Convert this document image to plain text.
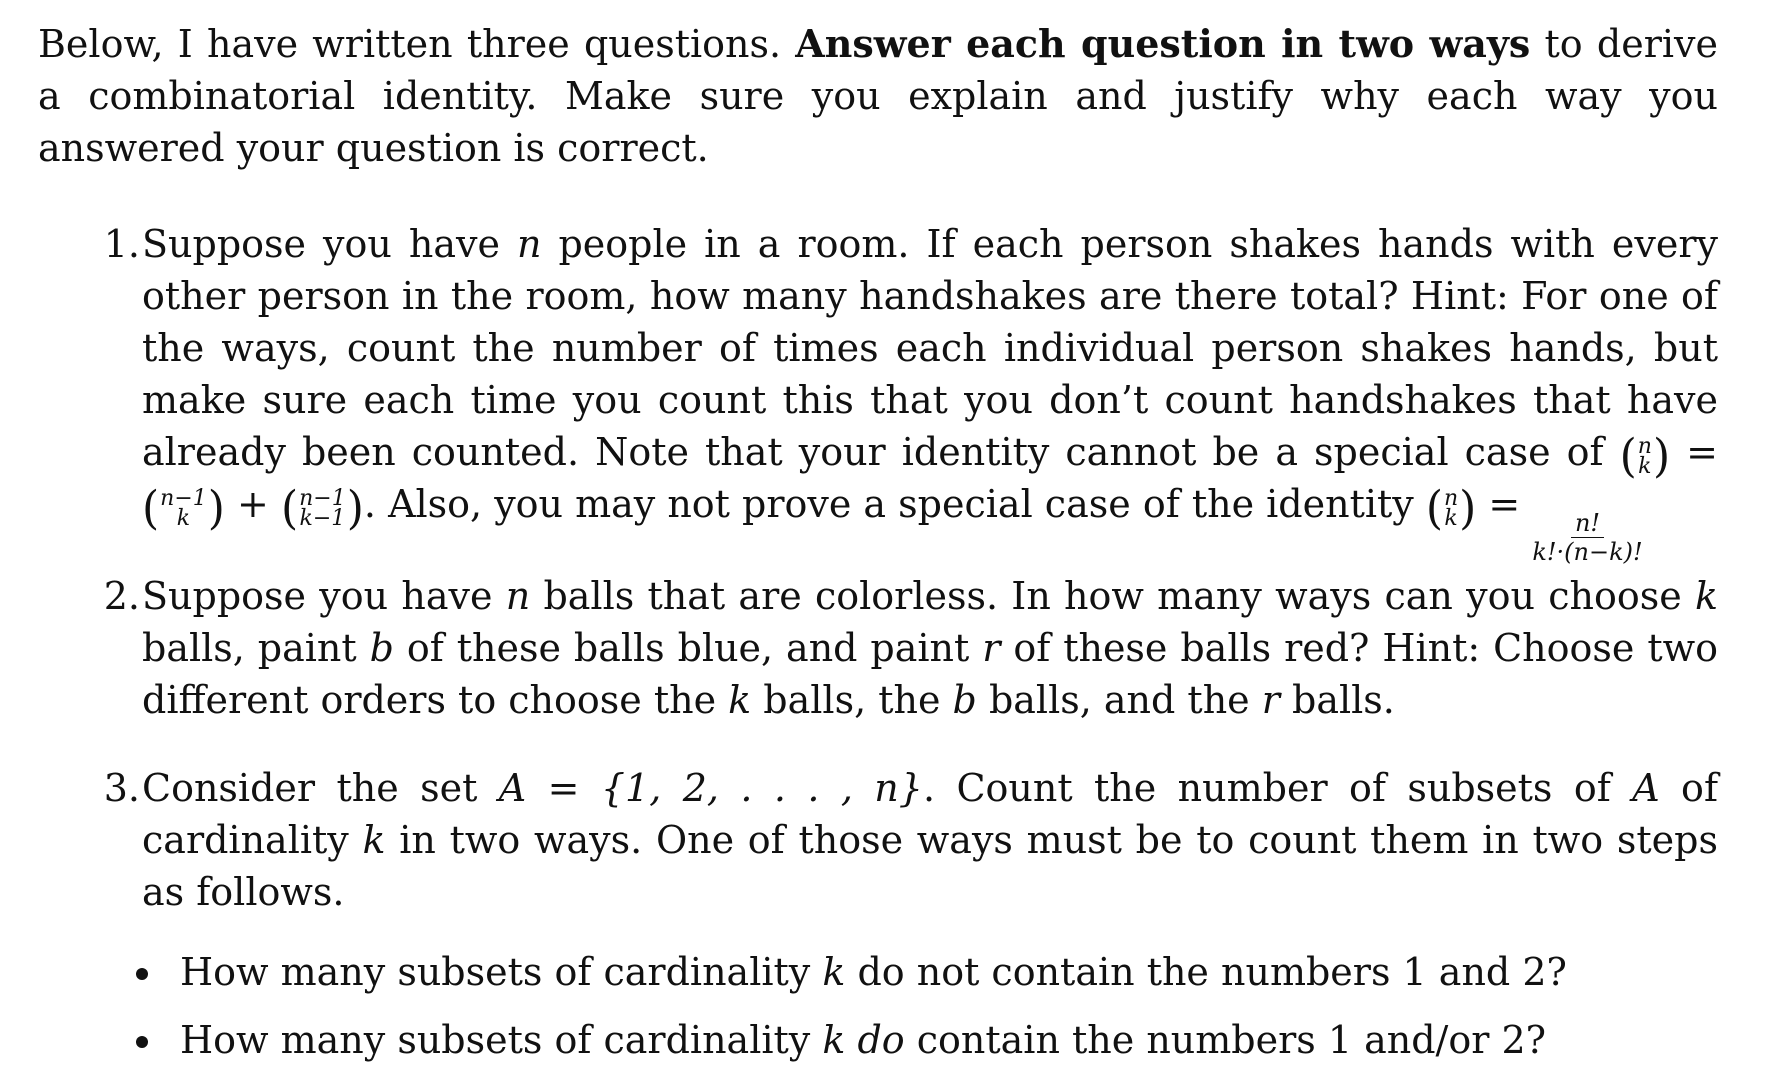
Below, I have written three questions. Answer each question in two ways to derive a combinatorial identity. Make sure you explain and justify why each way you answered your question is correct.

1. Suppose you have n people in a room. If each person shakes hands with every other person in the room, how many handshakes are there total? Hint: For one of the ways, count the number of times each individual person shakes hands, but make sure each time you count this that you don’t count handshakes that have already been counted. Note that your identity cannot be a special case of ( n
k ) =
( n−1
k ) + ( n−1
k−1 ) . Also, you may not prove a special case of the identity ( n
k ) =
$\frac{n!}{k!\cdot(n-k)!}$
2. Suppose you have n balls that are colorless. In how many ways can you choose k balls, paint b of these balls blue, and paint r of these balls red? Hint: Choose two different orders to choose the k balls, the b balls, and the r balls.
3. Consider the set A = {1, 2, . . . , n}. Count the number of subsets of A of cardinality k in two ways. One of those ways must be to count them in two steps as follows.
How many subsets of cardinality k do not contain the numbers 1 and 2?
How many subsets of cardinality k do contain the numbers 1 and/or 2?
